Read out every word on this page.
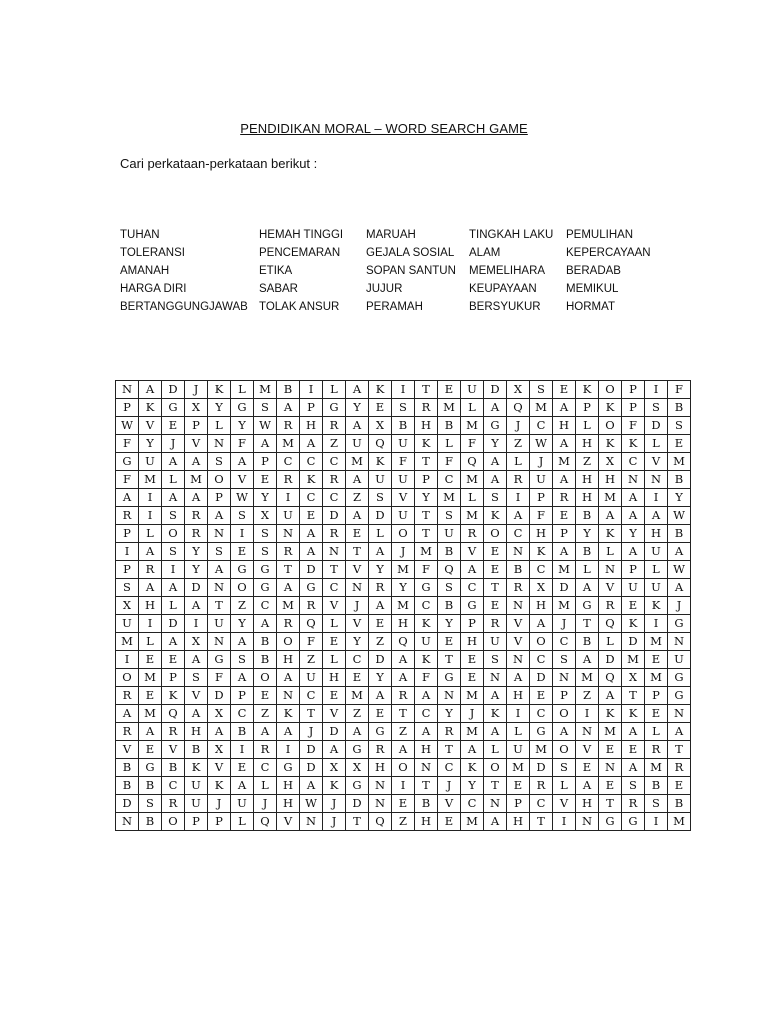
PENDIDIKAN MORAL – WORD SEARCH GAME
Cari perkataan-perkataan berikut :
TUHAN
TOLERANSI
AMANAH
HARGA DIRI
BERTANGGUNGJAWAB
HEMAH TINGGI
PENCEMARAN
ETIKA
SABAR
TOLAK ANSUR
MARUAH
GEJALA SOSIAL
SOPAN SANTUN
JUJUR
PERAMAH
TINGKAH LAKU
ALAM
MEMELIHARA
KEUPAYAAN
BERSYUKUR
PEMULIHAN
KEPERCAYAAN
BERADAB
MEMIKUL
HORMAT
N	A	D	J	K	L	M	B	I	L	A	K	I	T	E	U	D	X	S	E	K	O	P	I	F
P	K	G	X	Y	G	S	A	P	G	Y	E	S	R	M	L	A	Q	M	A	P	K	P	S	B
W	V	E	P	L	Y	W	R	H	R	A	X	B	H	B	M	G	J	C	H	L	O	F	D	S
F	Y	J	V	N	F	A	M	A	Z	U	Q	U	K	L	F	Y	Z	W	A	H	K	K	L	E
G	U	A	A	S	A	P	C	C	C	M	K	F	T	F	Q	A	L	J	M	Z	X	C	V	M
F	M	L	M	O	V	E	R	K	R	A	U	U	P	C	M	A	R	U	A	H	H	N	N	B
A	I	A	A	P	W	Y	I	C	C	Z	S	V	Y	M	L	S	I	P	R	H	M	A	I	Y
R	I	S	R	A	S	X	U	E	D	A	D	U	T	S	M	K	A	F	E	B	A	A	A	W
P	L	O	R	N	I	S	N	A	R	E	L	O	T	U	R	O	C	H	P	Y	K	Y	H	B
I	A	S	Y	S	E	S	R	A	N	T	A	J	M	B	V	E	N	K	A	B	L	A	U	A
P	R	I	Y	A	G	G	T	D	T	V	Y	M	F	Q	A	E	B	C	M	L	N	P	L	W
S	A	A	D	N	O	G	A	G	C	N	R	Y	G	S	C	T	R	X	D	A	V	U	U	A
X	H	L	A	T	Z	C	M	R	V	J	A	M	C	B	G	E	N	H	M	G	R	E	K	J
U	I	D	I	U	Y	A	R	Q	L	V	E	H	K	Y	P	R	V	A	J	T	Q	K	I	G
M	L	A	X	N	A	B	O	F	E	Y	Z	Q	U	E	H	U	V	O	C	B	L	D	M	N
I	E	E	A	G	S	B	H	Z	L	C	D	A	K	T	E	S	N	C	S	A	D	M	E	U
O	M	P	S	F	A	O	A	U	H	E	Y	A	F	G	E	N	A	D	N	M	Q	X	M	G
R	E	K	V	D	P	E	N	C	E	M	A	R	A	N	M	A	H	E	P	Z	A	T	P	G
A	M	Q	A	X	C	Z	K	T	V	Z	E	T	C	Y	J	K	I	C	O	I	K	K	E	N
R	A	R	H	A	B	A	A	J	D	A	G	Z	A	R	M	A	L	G	A	N	M	A	L	A
V	E	V	B	X	I	R	I	D	A	G	R	A	H	T	A	L	U	M	O	V	E	E	R	T
B	G	B	K	V	E	C	G	D	X	X	H	O	N	C	K	O	M	D	S	E	N	A	M	R
B	B	C	U	K	A	L	H	A	K	G	N	I	T	J	Y	T	E	R	L	A	E	S	B	E
D	S	R	U	J	U	J	H	W	J	D	N	E	B	V	C	N	P	C	V	H	T	R	S	B
N	B	O	P	P	L	Q	V	N	J	T	Q	Z	H	E	M	A	H	T	I	N	G	G	I	M
